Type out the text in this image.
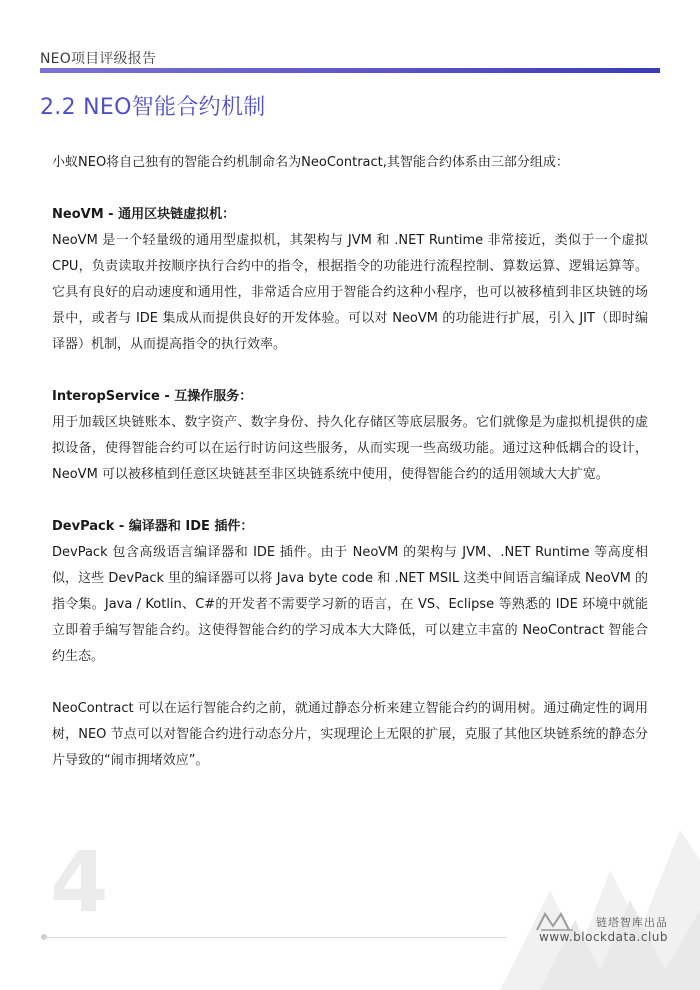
NEO项目评级报告
2.2 NEO智能合约机制

小蚁NEO将自己独有的智能合约机制命名为NeoContract,其智能合约体系由三部分组成：

NeoVM - 通用区块链虚拟机：

NeoVM 是一个轻量级的通用型虚拟机，其架构与 JVM 和 .NET Runtime 非常接近，类似于一个虚拟 CPU，负责读取并按顺序执行合约中的指令，根据指令的功能进行流程控制、算数运算、逻辑运算等。它具有良好的启动速度和通用性，非常适合应用于智能合约这种小程序，也可以被移植到非区块链的场景中，或者与 IDE 集成从而提供良好的开发体验。可以对 NeoVM 的功能进行扩展，引入 JIT（即时编译器）机制，从而提高指令的执行效率。

InteropService - 互操作服务：

用于加载区块链账本、数字资产、数字身份、持久化存储区等底层服务。它们就像是为虚拟机提供的虚拟设备，使得智能合约可以在运行时访问这些服务，从而实现一些高级功能。通过这种低耦合的设计，NeoVM 可以被移植到任意区块链甚至非区块链系统中使用，使得智能合约的适用领域大大扩宽。

DevPack - 编译器和 IDE 插件：

DevPack 包含高级语言编译器和 IDE 插件。由于 NeoVM 的架构与 JVM、.NET Runtime 等高度相似，这些 DevPack 里的编译器可以将 Java byte code 和 .NET MSIL 这类中间语言编译成 NeoVM 的指令集。Java / Kotlin、C#的开发者不需要学习新的语言，在 VS、Eclipse 等熟悉的 IDE 环境中就能立即着手编写智能合约。这使得智能合约的学习成本大大降低，可以建立丰富的 NeoContract 智能合约生态。

NeoContract 可以在运行智能合约之前，就通过静态分析来建立智能合约的调用树。通过确定性的调用树，NEO 节点可以对智能合约进行动态分片，实现理论上无限的扩展，克服了其他区块链系统的静态分片导致的“闹市拥堵效应”。

4	链塔智库出品
www.blockdata.club
